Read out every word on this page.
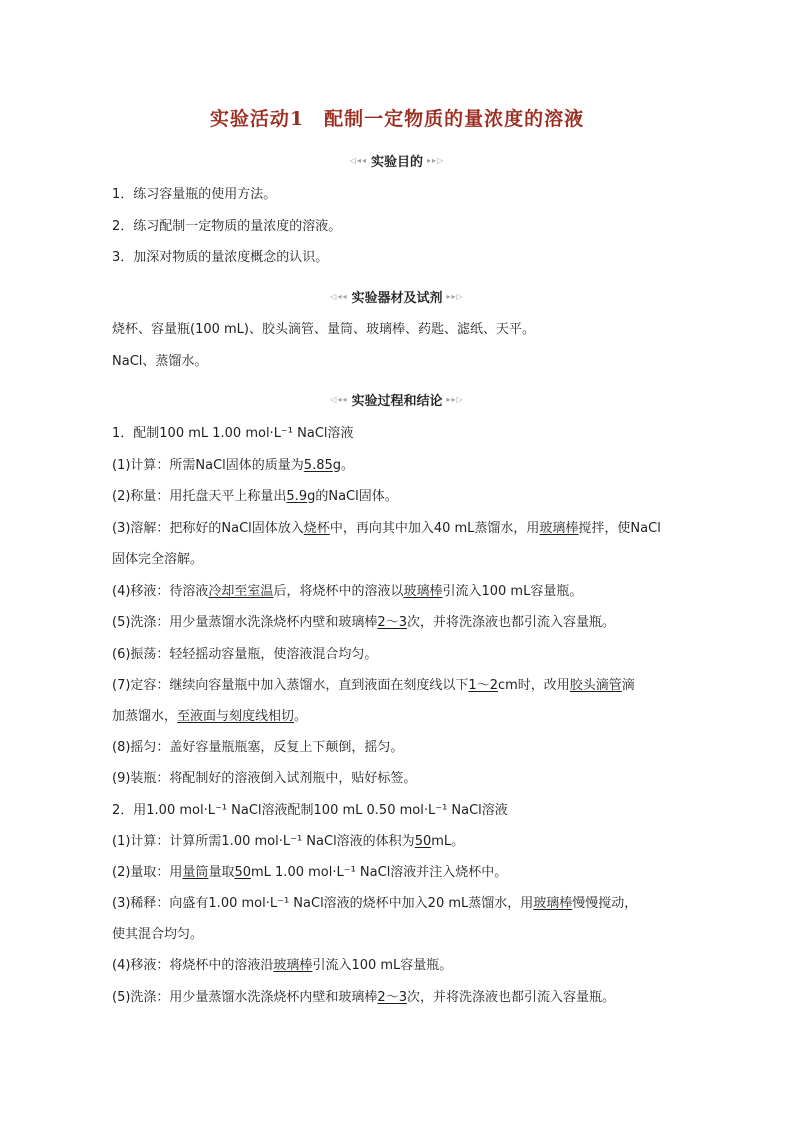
实验活动1　配制一定物质的量浓度的溶液
◁◂◂ 实验目的 ▸▸▷
1．练习容量瓶的使用方法。
2．练习配制一定物质的量浓度的溶液。
3．加深对物质的量浓度概念的认识。
◁◂◂ 实验器材及试剂 ▸▸▷
烧杯、容量瓶(100 mL)、胶头滴管、量筒、玻璃棒、药匙、滤纸、天平。
NaCl、蒸馏水。
◁◂◂ 实验过程和结论 ▸▸▷
1．配制100 mL 1.00 mol·L⁻¹ NaCl溶液
(1)计算：所需NaCl固体的质量为5.85g。
(2)称量：用托盘天平上称量出5.9g的NaCl固体。
(3)溶解：把称好的NaCl固体放入烧杯中，再向其中加入40 mL蒸馏水，用玻璃棒搅拌，使NaCl
固体完全溶解。
(4)移液：待溶液冷却至室温后，将烧杯中的溶液以玻璃棒引流入100 mL容量瓶。
(5)洗涤：用少量蒸馏水洗涤烧杯内壁和玻璃棒2～3次，并将洗涤液也都引流入容量瓶。
(6)振荡：轻轻摇动容量瓶，使溶液混合均匀。
(7)定容：继续向容量瓶中加入蒸馏水，直到液面在刻度线以下1～2cm时，改用胶头滴管滴
加蒸馏水，至液面与刻度线相切。
(8)摇匀：盖好容量瓶瓶塞，反复上下颠倒，摇匀。
(9)装瓶：将配制好的溶液倒入试剂瓶中，贴好标签。
2．用1.00 mol·L⁻¹ NaCl溶液配制100 mL 0.50 mol·L⁻¹ NaCl溶液
(1)计算：计算所需1.00 mol·L⁻¹ NaCl溶液的体积为50mL。
(2)量取：用量筒量取50mL 1.00 mol·L⁻¹ NaCl溶液并注入烧杯中。
(3)稀释：向盛有1.00 mol·L⁻¹ NaCl溶液的烧杯中加入20 mL蒸馏水，用玻璃棒慢慢搅动，
使其混合均匀。
(4)移液：将烧杯中的溶液沿玻璃棒引流入100 mL容量瓶。
(5)洗涤：用少量蒸馏水洗涤烧杯内壁和玻璃棒2～3次，并将洗涤液也都引流入容量瓶。
